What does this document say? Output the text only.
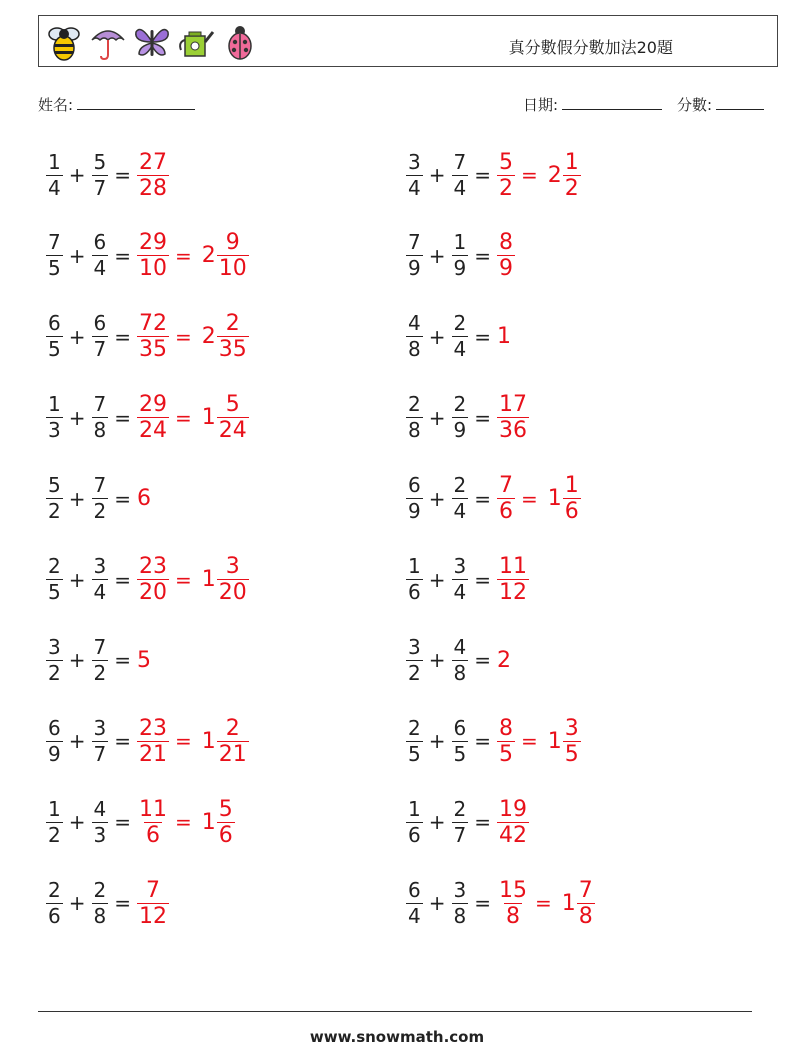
真分數假分數加法20題
姓名:	日期:	分數:
$\frac{1}{4} + \frac{5}{7} = \frac{27}{28}$	$\frac{3}{4} + \frac{7}{4} = \frac{5}{2} = 2 \frac{1}{2}$
$\frac{7}{5} + \frac{6}{4} = \frac{29}{10} = 2 \frac{9}{10}$	$\frac{7}{9} + \frac{1}{9} = \frac{8}{9}$
$\frac{6}{5} + \frac{6}{7} = \frac{72}{35} = 2 \frac{2}{35}$	$\frac{4}{8} + \frac{2}{4} = 1$
$\frac{1}{3} + \frac{7}{8} = \frac{29}{24} = 1 \frac{5}{24}$	$\frac{2}{8} + \frac{2}{9} = \frac{17}{36}$
$\frac{5}{2} + \frac{7}{2} = 6$	$\frac{6}{9} + \frac{2}{4} = \frac{7}{6} = 1 \frac{1}{6}$
$\frac{2}{5} + \frac{3}{4} = \frac{23}{20} = 1 \frac{3}{20}$	$\frac{1}{6} + \frac{3}{4} = \frac{11}{12}$
$\frac{3}{2} + \frac{7}{2} = 5$	$\frac{3}{2} + \frac{4}{8} = 2$
$\frac{6}{9} + \frac{3}{7} = \frac{23}{21} = 1 \frac{2}{21}$	$\frac{2}{5} + \frac{6}{5} = \frac{8}{5} = 1 \frac{3}{5}$
$\frac{1}{2} + \frac{4}{3} = \frac{11}{6} = 1 \frac{5}{6}$	$\frac{1}{6} + \frac{2}{7} = \frac{19}{42}$
$\frac{2}{6} + \frac{2}{8} = \frac{7}{12}$	$\frac{6}{4} + \frac{3}{8} = \frac{15}{8} = 1 \frac{7}{8}$
www.snowmath.com
